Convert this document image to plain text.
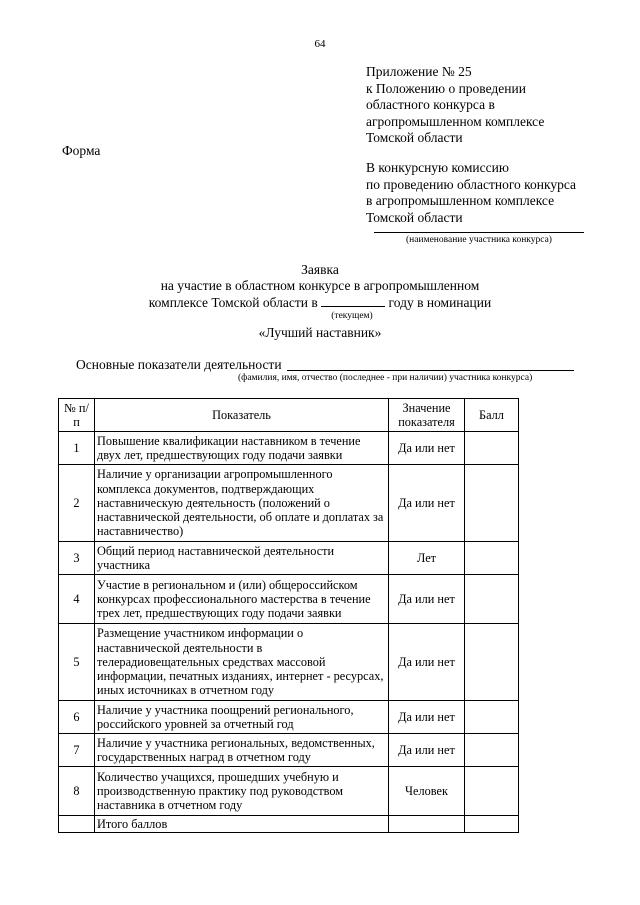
64
Приложение № 25
к Положению о проведении
областного конкурса в
агропромышленном комплексе
Томской области
Форма
В конкурсную комиссию
по проведению областного конкурса
в агропромышленном комплексе
Томской области
(наименование участника конкурса)
Заявка
на участие в областном конкурсе в агропромышленном
комплексе Томской области в	году в номинации
(текущем)
«Лучший наставник»
Основные показатели деятельности
(фамилия, имя, отчество (последнее - при наличии) участника конкурса)
№ п/п	Показатель	Значение показателя	Балл
1	Повышение квалификации наставником в течение двух лет, предшествующих году подачи заявки	Да или нет	
2	Наличие у организации агропромышленного комплекса документов, подтверждающих наставническую деятельность (положений о наставнической деятельности, об оплате и доплатах за наставничество)	Да или нет	
3	Общий период наставнической деятельности участника	Лет	
4	Участие в региональном и (или) общероссийском конкурсах профессионального мастерства в течение трех лет, предшествующих году подачи заявки	Да или нет	
5	Размещение участником информации о наставнической деятельности в телерадиовещательных средствах массовой информации, печатных изданиях, интернет - ресурсах, иных источниках в отчетном году	Да или нет	
6	Наличие у участника поощрений регионального, российского уровней за отчетный год	Да или нет	
7	Наличие у участника региональных, ведомственных, государственных наград в отчетном году	Да или нет	
8	Количество учащихся, прошедших учебную и производственную практику под руководством наставника в отчетном году	Человек	
	Итого баллов		
